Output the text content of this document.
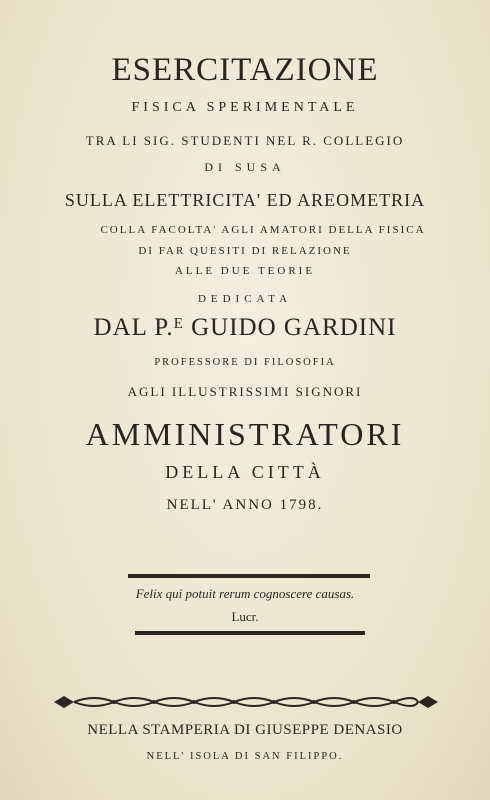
ESERCITAZIONE
FISICA SPERIMENTALE
TRA LI SIG. STUDENTI NEL R. COLLEGIO
DI SUSA
SULLA ELETTRICITA' ED AREOMETRIA
COLLA FACOLTA' AGLI AMATORI DELLA FISICA
DI FAR QUESITI DI RELAZIONE
ALLE DUE TEORIE
DEDICATA
DAL P.ᴱ GUIDO GARDINI
PROFESSORE DI FILOSOFIA
AGLI ILLUSTRISSIMI SIGNORI
AMMINISTRATORI
DELLA CITTÀ
NELL' ANNO 1798.
Felix qui potuit rerum cognoscere causas.
Lucr.
NELLA STAMPERIA DI GIUSEPPE DENASIO
NELL' ISOLA DI SAN FILIPPO.
